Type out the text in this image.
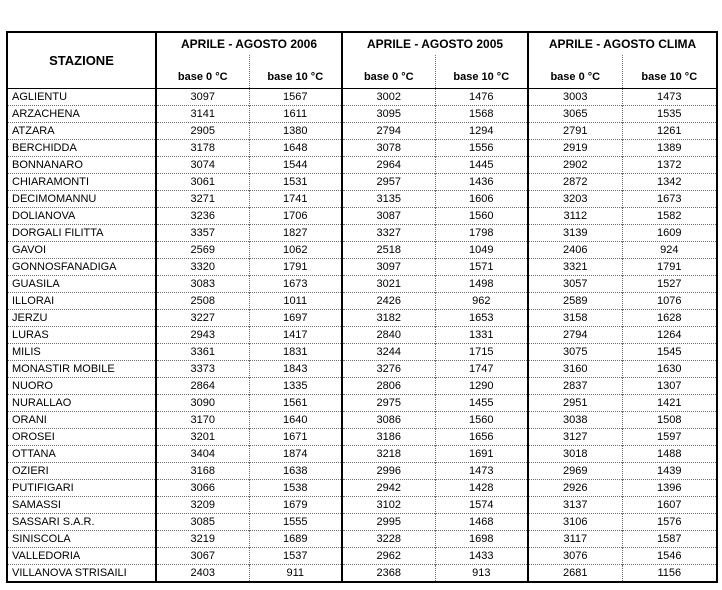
STAZIONE	APRILE - AGOSTO 2006		APRILE - AGOSTO 2005		APRILE - AGOSTO CLIMA	
	base 0 °C	base 10 °C	base 0 °C	base 10 °C	base 0 °C	base 10 °C
AGLIENTU	3097	1567	3002	1476	3003	1473
ARZACHENA	3141	1611	3095	1568	3065	1535
ATZARA	2905	1380	2794	1294	2791	1261
BERCHIDDA	3178	1648	3078	1556	2919	1389
BONNANARO	3074	1544	2964	1445	2902	1372
CHIARAMONTI	3061	1531	2957	1436	2872	1342
DECIMOMANNU	3271	1741	3135	1606	3203	1673
DOLIANOVA	3236	1706	3087	1560	3112	1582
DORGALI FILITTA	3357	1827	3327	1798	3139	1609
GAVOI	2569	1062	2518	1049	2406	924
GONNOSFANADIGA	3320	1791	3097	1571	3321	1791
GUASILA	3083	1673	3021	1498	3057	1527
ILLORAI	2508	1011	2426	962	2589	1076
JERZU	3227	1697	3182	1653	3158	1628
LURAS	2943	1417	2840	1331	2794	1264
MILIS	3361	1831	3244	1715	3075	1545
MONASTIR MOBILE	3373	1843	3276	1747	3160	1630
NUORO	2864	1335	2806	1290	2837	1307
NURALLAO	3090	1561	2975	1455	2951	1421
ORANI	3170	1640	3086	1560	3038	1508
OROSEI	3201	1671	3186	1656	3127	1597
OTTANA	3404	1874	3218	1691	3018	1488
OZIERI	3168	1638	2996	1473	2969	1439
PUTIFIGARI	3066	1538	2942	1428	2926	1396
SAMASSI	3209	1679	3102	1574	3137	1607
SASSARI S.A.R.	3085	1555	2995	1468	3106	1576
SINISCOLA	3219	1689	3228	1698	3117	1587
VALLEDORIA	3067	1537	2962	1433	3076	1546
VILLANOVA STRISAILI	2403	911	2368	913	2681	1156
